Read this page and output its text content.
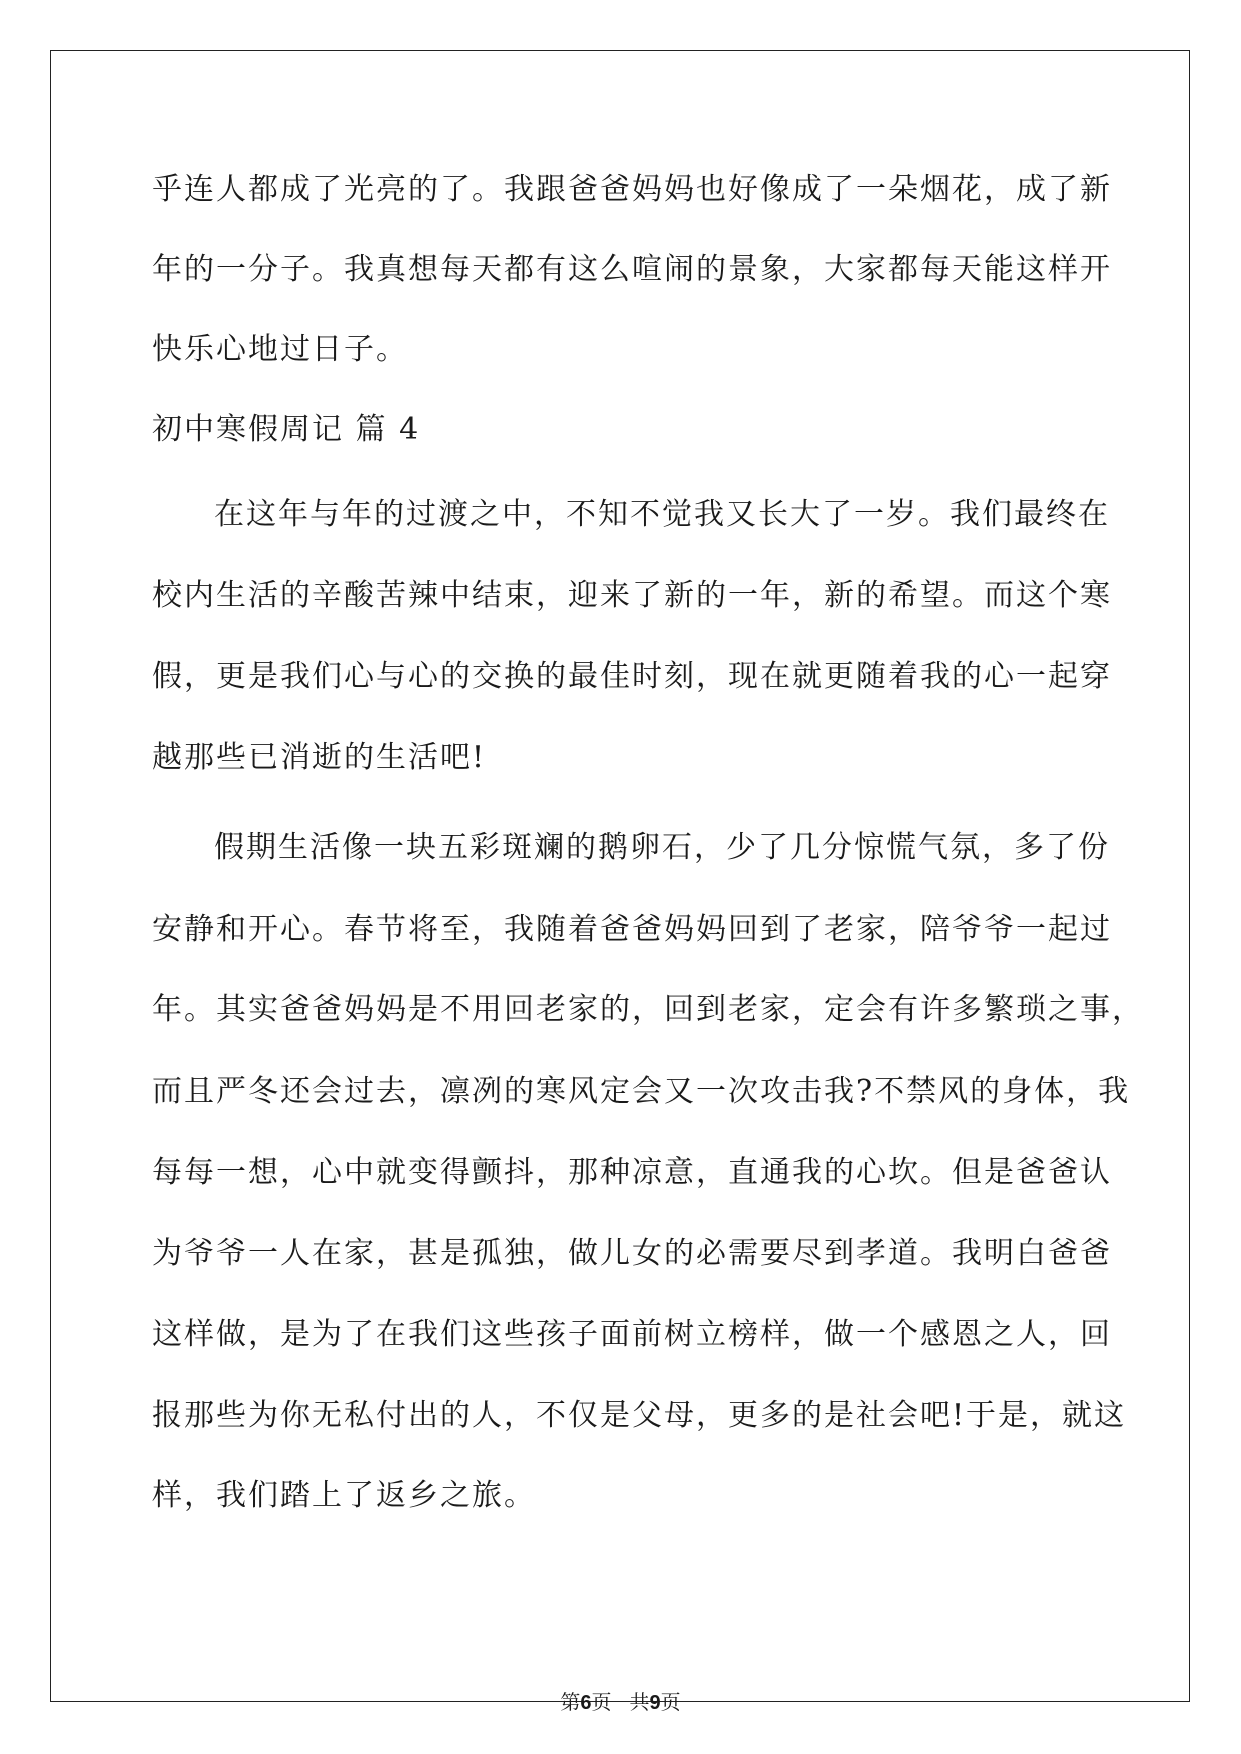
乎连人都成了光亮的了。我跟爸爸妈妈也好像成了一朵烟花，成了新
年的一分子。我真想每天都有这么喧闹的景象，大家都每天能这样开
快乐心地过日子。
初中寒假周记 篇 4
在这年与年的过渡之中，不知不觉我又长大了一岁。我们最终在
校内生活的辛酸苦辣中结束，迎来了新的一年，新的希望。而这个寒
假，更是我们心与心的交换的最佳时刻，现在就更随着我的心一起穿
越那些已消逝的生活吧!
假期生活像一块五彩斑斓的鹅卵石，少了几分惊慌气氛，多了份
安静和开心。春节将至，我随着爸爸妈妈回到了老家，陪爷爷一起过
年。其实爸爸妈妈是不用回老家的，回到老家，定会有许多繁琐之事，
而且严冬还会过去，凛冽的寒风定会又一次攻击我?不禁风的身体，我
每每一想，心中就变得颤抖，那种凉意，直通我的心坎。但是爸爸认
为爷爷一人在家，甚是孤独，做儿女的必需要尽到孝道。我明白爸爸
这样做，是为了在我们这些孩子面前树立榜样，做一个感恩之人，回
报那些为你无私付出的人，不仅是父母，更多的是社会吧!于是，就这
样，我们踏上了返乡之旅。
第6页 共9页
